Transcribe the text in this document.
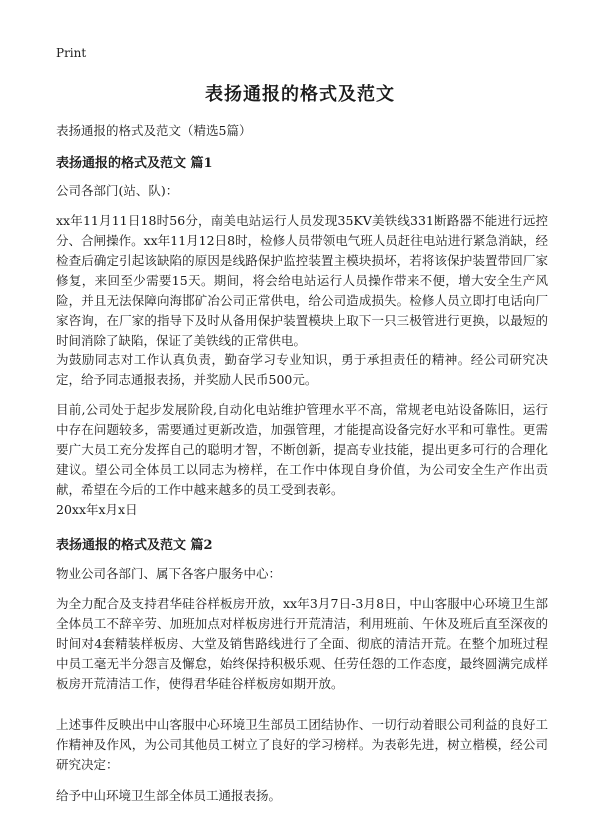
Print
表扬通报的格式及范文
表扬通报的格式及范文（精选5篇）
表扬通报的格式及范文 篇1
公司各部门(站、队)：
xx年11月11日18时56分，南美电站运行人员发现35KV美铁线331断路器不能进行远控分、合闸操作。xx年11月12日8时，检修人员带领电气班人员赶往电站进行紧急消缺，经检查后确定引起该缺陷的原因是线路保护监控装置主模块损坏，若将该保护装置带回厂家修复，来回至少需要15天。期间，将会给电站运行人员操作带来不便，增大安全生产风险，并且无法保障向海邯矿冶公司正常供电，给公司造成损失。检修人员立即打电话向厂家咨询，在厂家的指导下及时从备用保护装置模块上取下一只三极管进行更换，以最短的时间消除了缺陷，保证了美铁线的正常供电。
为鼓励同志对工作认真负责，勤奋学习专业知识，勇于承担责任的精神。经公司研究决定，给予同志通报表扬，并奖励人民币500元。
目前,公司处于起步发展阶段,自动化电站维护管理水平不高，常规老电站设备陈旧，运行中存在问题较多，需要通过更新改造，加强管理，才能提高设备完好水平和可靠性。更需要广大员工充分发挥自己的聪明才智，不断创新，提高专业技能，提出更多可行的合理化建议。望公司全体员工以同志为榜样，在工作中体现自身价值，为公司安全生产作出贡献，希望在今后的工作中越来越多的员工受到表彰。
20xx年x月x日
表扬通报的格式及范文 篇2
物业公司各部门、属下各客户服务中心：
为全力配合及支持君华硅谷样板房开放，xx年3月7日-3月8日，中山客服中心环境卫生部全体员工不辞辛劳、加班加点对样板房进行开荒清洁，利用班前、午休及班后直至深夜的时间对4套精装样板房、大堂及销售路线进行了全面、彻底的清洁开荒。在整个加班过程中员工毫无半分怨言及懈怠，始终保持积极乐观、任劳任怨的工作态度，最终圆满完成样板房开荒清洁工作，使得君华硅谷样板房如期开放。
上述事件反映出中山客服中心环境卫生部员工团结协作、一切行动着眼公司利益的良好工作精神及作风，为公司其他员工树立了良好的学习榜样。为表彰先进，树立楷模，经公司研究决定：
给予中山环境卫生部全体员工通报表扬。
